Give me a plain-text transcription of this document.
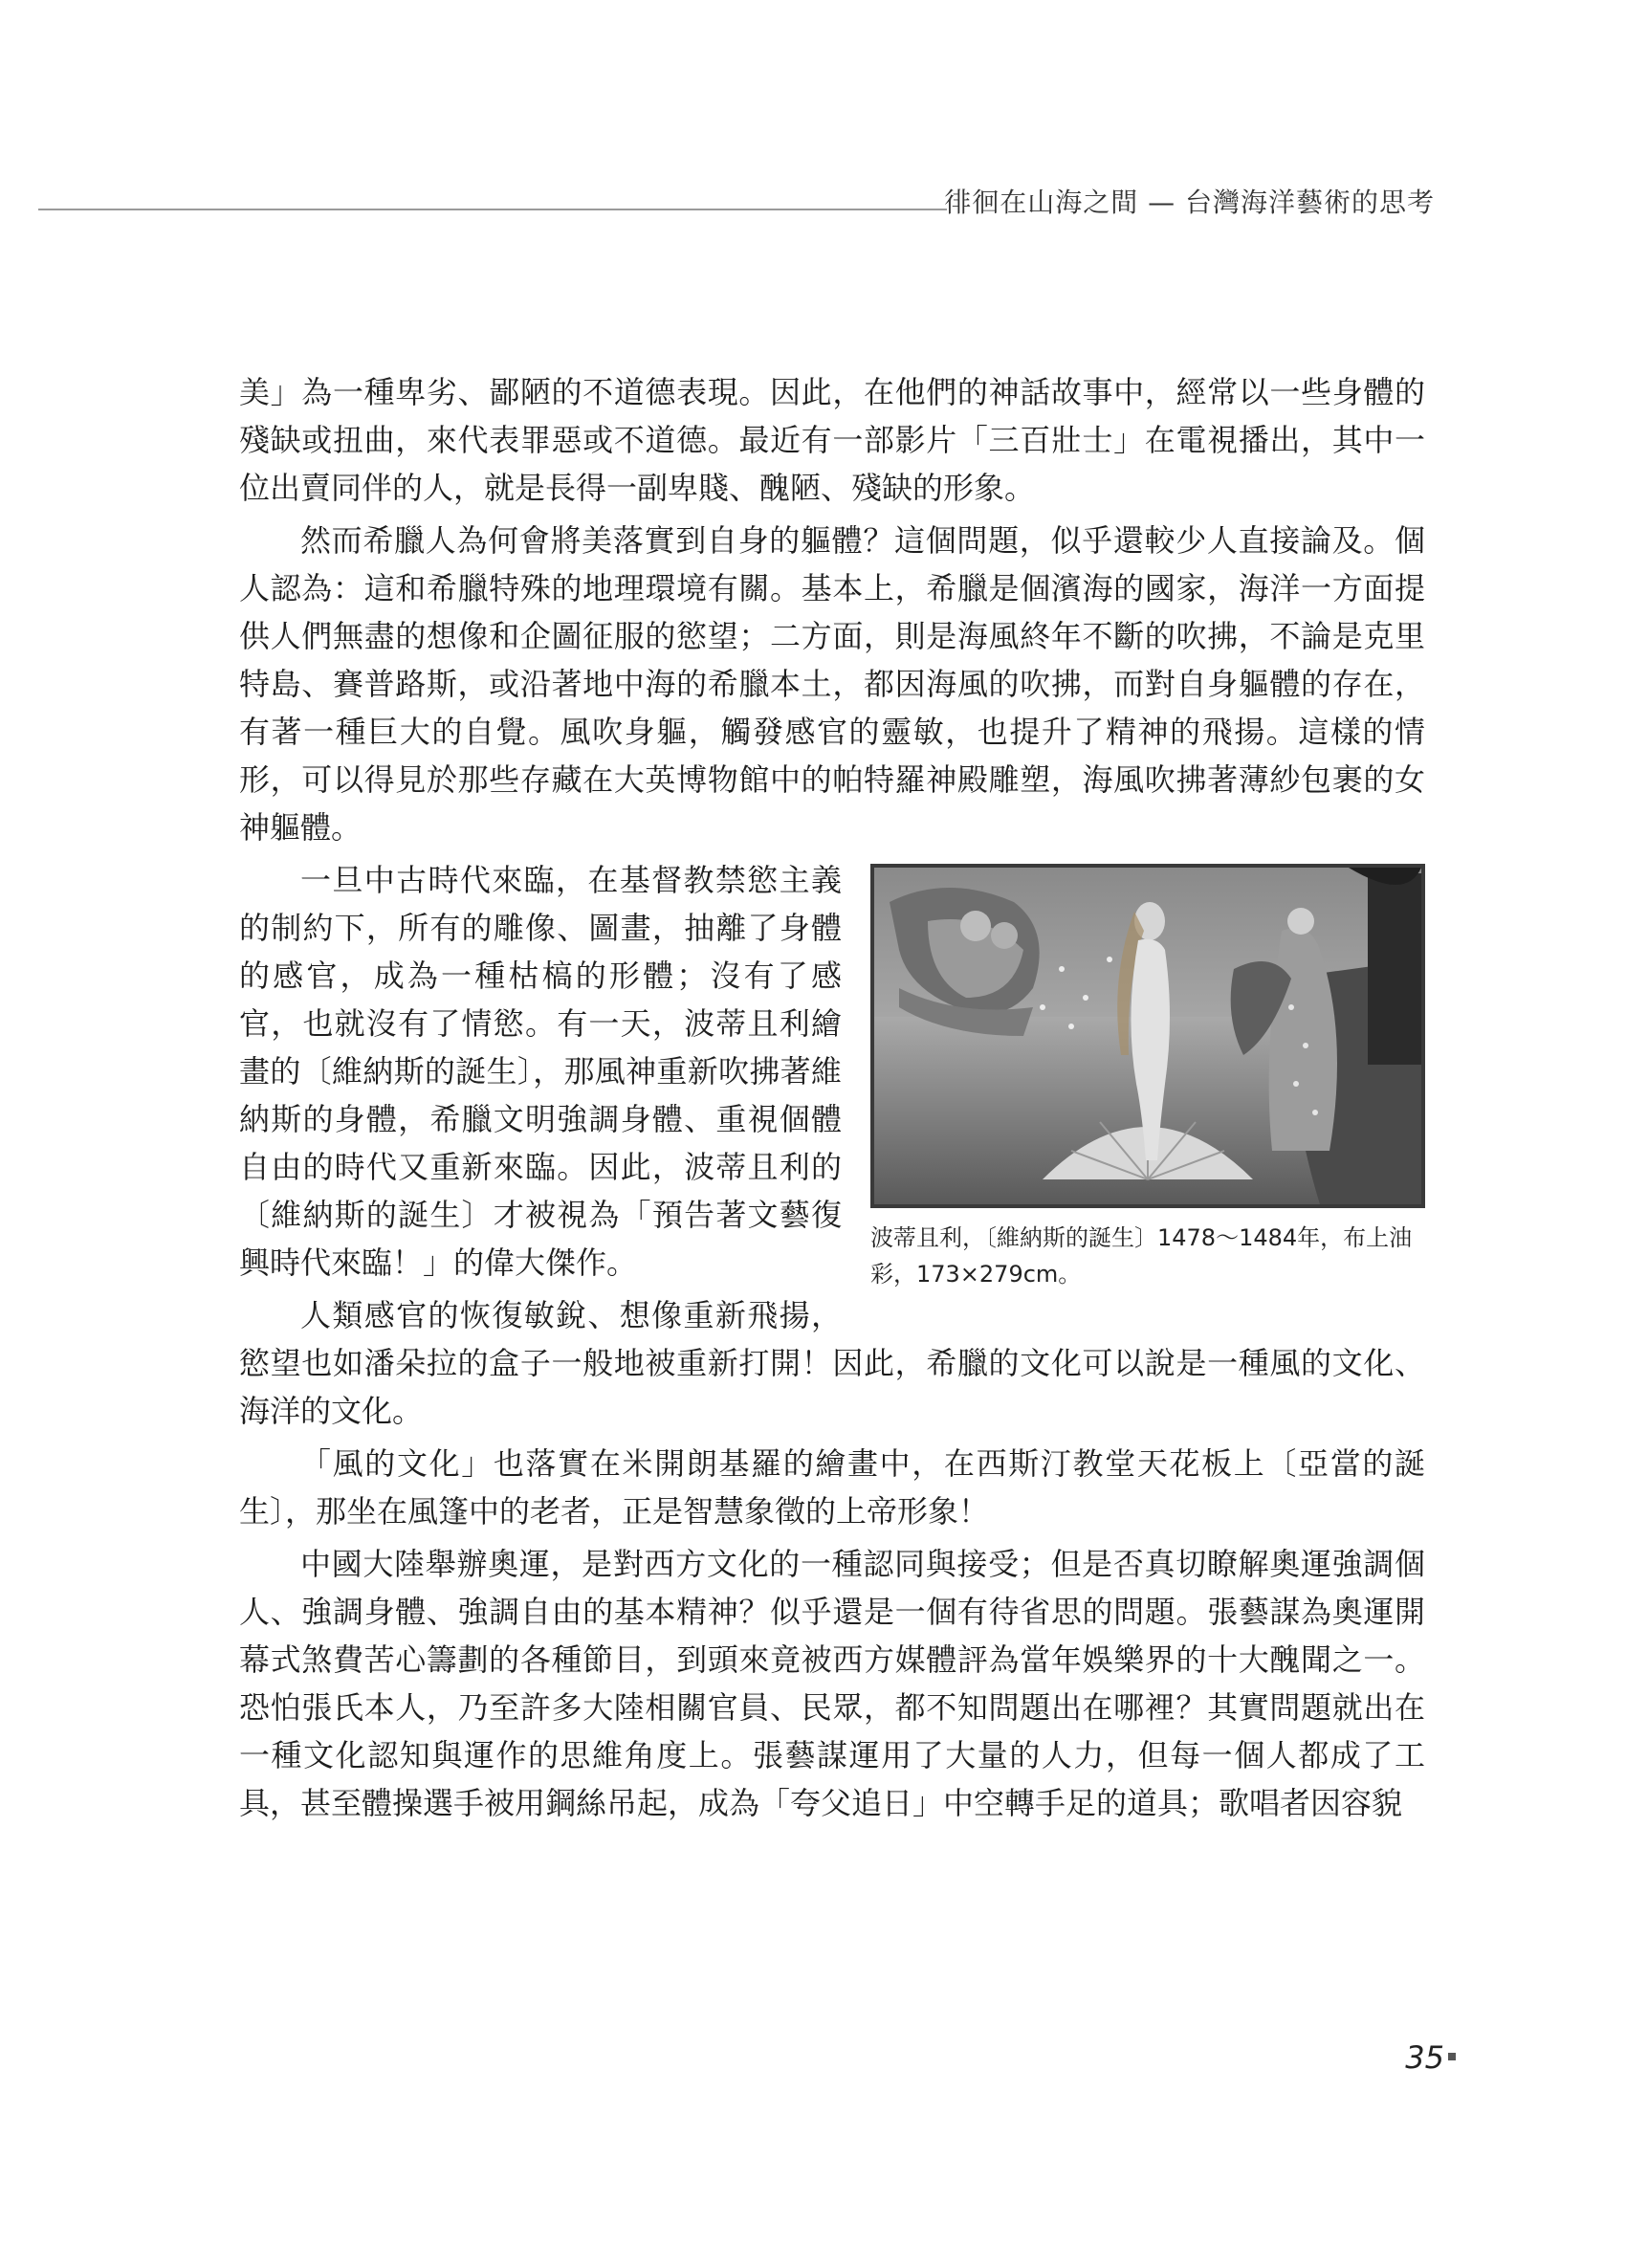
徘徊在山海之間 — 台灣海洋藝術的思考

美」為一種卑劣、鄙陋的不道德表現。因此，在他們的神話故事中，經常以一些身體的殘缺或扭曲，來代表罪惡或不道德。最近有一部影片「三百壯士」在電視播出，其中一位出賣同伴的人，就是長得一副卑賤、醜陋、殘缺的形象。

然而希臘人為何會將美落實到自身的軀體？這個問題，似乎還較少人直接論及。個人認為：這和希臘特殊的地理環境有關。基本上，希臘是個濱海的國家，海洋一方面提供人們無盡的想像和企圖征服的慾望；二方面，則是海風終年不斷的吹拂，不論是克里特島、賽普路斯，或沿著地中海的希臘本土，都因海風的吹拂，而對自身軀體的存在，有著一種巨大的自覺。風吹身軀，觸發感官的靈敏，也提升了精神的飛揚。這樣的情形，可以得見於那些存藏在大英博物館中的帕特羅神殿雕塑，海風吹拂著薄紗包裹的女神軀體。

波蒂且利，〔維納斯的誕生〕1478～1484年，布上油彩，173×279cm。

一旦中古時代來臨，在基督教禁慾主義的制約下，所有的雕像、圖畫，抽離了身體的感官，成為一種枯槁的形體；沒有了感官，也就沒有了情慾。有一天，波蒂且利繪畫的〔維納斯的誕生〕，那風神重新吹拂著維納斯的身體，希臘文明強調身體、重視個體自由的時代又重新來臨。因此，波蒂且利的〔維納斯的誕生〕才被視為「預告著文藝復興時代來臨！」的偉大傑作。

人類感官的恢復敏銳、想像重新飛揚，慾望也如潘朵拉的盒子一般地被重新打開！因此，希臘的文化可以說是一種風的文化、海洋的文化。

「風的文化」也落實在米開朗基羅的繪畫中，在西斯汀教堂天花板上〔亞當的誕生〕，那坐在風篷中的老者，正是智慧象徵的上帝形象！

中國大陸舉辦奧運，是對西方文化的一種認同與接受；但是否真切瞭解奧運強調個人、強調身體、強調自由的基本精神？似乎還是一個有待省思的問題。張藝謀為奧運開幕式煞費苦心籌劃的各種節目，到頭來竟被西方媒體評為當年娛樂界的十大醜聞之一。恐怕張氏本人，乃至許多大陸相關官員、民眾，都不知問題出在哪裡？其實問題就出在一種文化認知與運作的思維角度上。張藝謀運用了大量的人力，但每一個人都成了工具，甚至體操選手被用鋼絲吊起，成為「夸父追日」中空轉手足的道具；歌唱者因容貌

35
